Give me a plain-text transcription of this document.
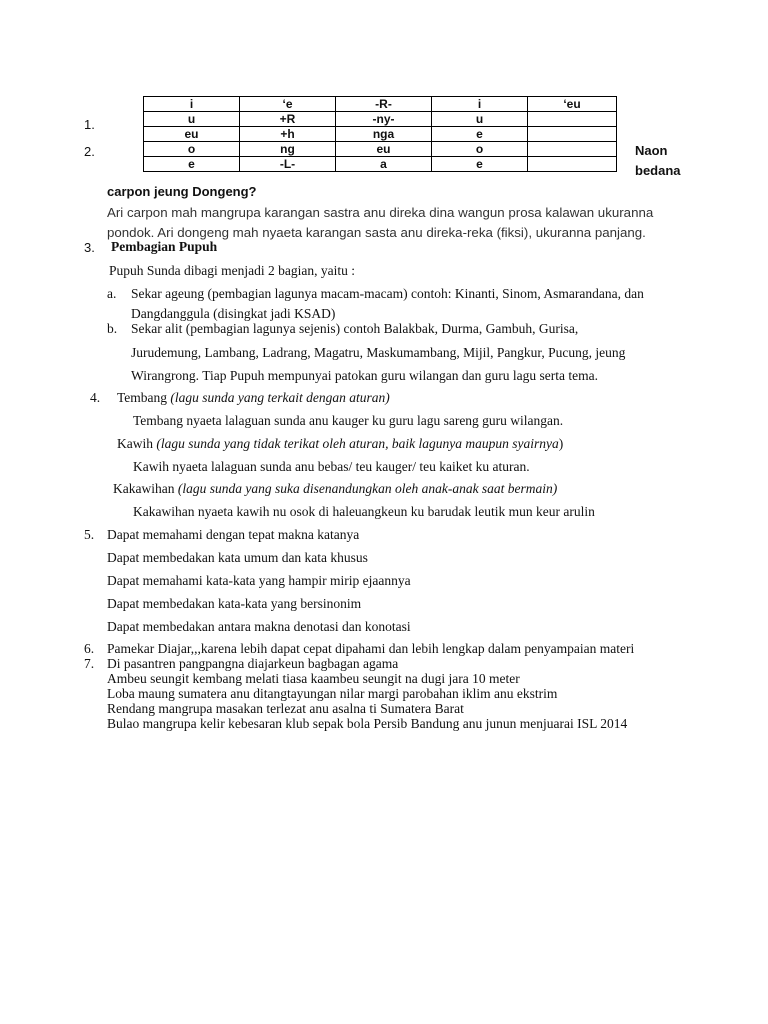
i	‘e	-R-	i	‘eu
u	+R	-ny-	u	
eu	+h	nga	e	
o	ng	eu	o	
e	-L-	a	e	
1.
2.	Naon
bedana
carpon jeung Dongeng?
Ari carpon mah mangrupa karangan sastra anu direka dina wangun prosa kalawan ukuranna
pondok. Ari dongeng mah nyaeta karangan sasta anu direka-reka (fiksi), ukuranna panjang.
3. Pembagian Pupuh
Pupuh Sunda dibagi menjadi 2 bagian, yaitu :
a. Sekar ageung (pembagian lagunya macam-macam) contoh: Kinanti, Sinom, Asmarandana, dan
Dangdanggula (disingkat jadi KSAD)
b. Sekar alit (pembagian lagunya sejenis) contoh Balakbak, Durma, Gambuh, Gurisa,
Jurudemung, Lambang, Ladrang, Magatru, Maskumambang, Mijil, Pangkur, Pucung, jeung
Wirangrong. Tiap Pupuh mempunyai patokan guru wilangan dan guru lagu serta tema.
4. Tembang (lagu sunda yang terkait dengan aturan)
Tembang nyaeta lalaguan sunda anu kauger ku guru lagu sareng guru wilangan.
Kawih (lagu sunda yang tidak terikat oleh aturan, baik lagunya maupun syairnya)
Kawih nyaeta lalaguan sunda anu bebas/ teu kauger/ teu kaiket ku aturan.
Kakawihan (lagu sunda yang suka disenandungkan oleh anak-anak saat bermain)
Kakawihan nyaeta kawih nu osok di haleuangkeun ku barudak leutik mun keur arulin
5. Dapat memahami dengan tepat makna katanya
Dapat membedakan kata umum dan kata khusus
Dapat memahami kata-kata yang hampir mirip ejaannya
Dapat membedakan kata-kata yang bersinonim
Dapat membedakan antara makna denotasi dan konotasi
6. Pamekar Diajar,,,karena lebih dapat cepat dipahami dan lebih lengkap dalam penyampaian materi
7. Di pasantren pangpangna diajarkeun bagbagan agama
Ambeu seungit kembang melati tiasa kaambeu seungit na dugi jara 10 meter
Loba maung sumatera anu ditangtayungan nilar margi parobahan iklim anu ekstrim
Rendang mangrupa masakan terlezat anu asalna ti Sumatera Barat
Bulao mangrupa kelir kebesaran klub sepak bola Persib Bandung anu junun menjuarai ISL 2014
